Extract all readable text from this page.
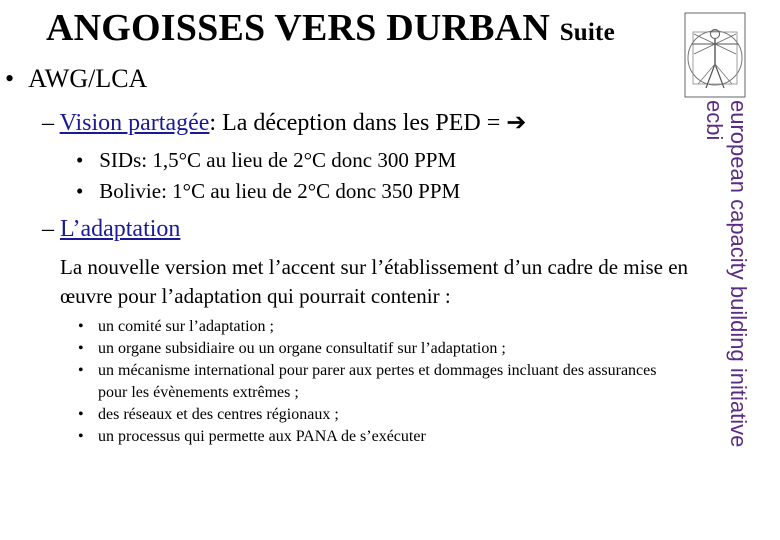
ANGOISSES VERS DURBAN Suite
european capacity building initiative
ecbi
• AWG/LCA
– Vision partagée: La déception dans les PED = ➔
• SIDs: 1,5°C au lieu de 2°C donc 300 PPM
• Bolivie: 1°C au lieu de 2°C donc 350 PPM
– L’adaptation

La nouvelle version met l’accent sur l’établissement d’un cadre de mise en œuvre pour l’adaptation qui pourrait contenir :

• un comité sur l’adaptation ;
• un organe subsidiaire ou un organe consultatif sur l’adaptation ;
• un mécanisme international pour parer aux pertes et dommages incluant des assurances pour les évènements extrêmes ;
• des réseaux et des centres régionaux ;
• un processus qui permette aux PANA de s’exécuter
